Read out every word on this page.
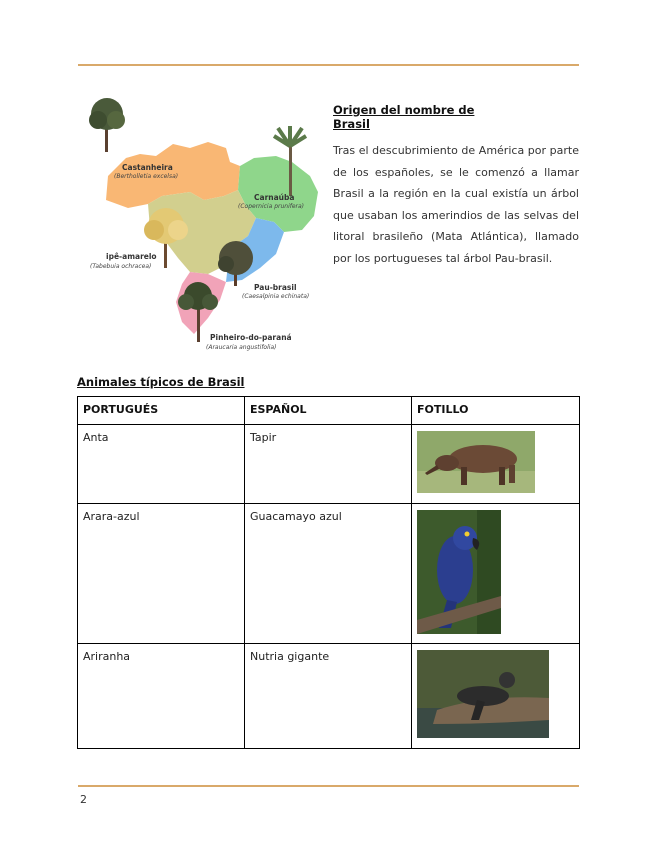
Castanheira
(Bertholletia excelsa)
Carnaúba
(Copernicia prunifera)
ipê-amarelo
(Tabebuia ochracea)
Pau-brasil
(Caesalpinia echinata)
Pinheiro-do-paraná
(Araucaria angustifolia)
Origen del nombre de Brasil
Tras el descubrimiento de América por parte de los españoles, se le comenzó a llamar Brasil a la región en la cual existía un árbol que usaban los amerindios de las selvas del litoral brasileño (Mata Atlántica), llamado por los portugueses tal árbol Pau-brasil.
Animales típicos de Brasil
PORTUGUÉS	ESPAÑOL	FOTILLO
Anta	Tapir	

Arara-azul	Guacamayo azul	

Ariranha	Nutria gigante	
2
